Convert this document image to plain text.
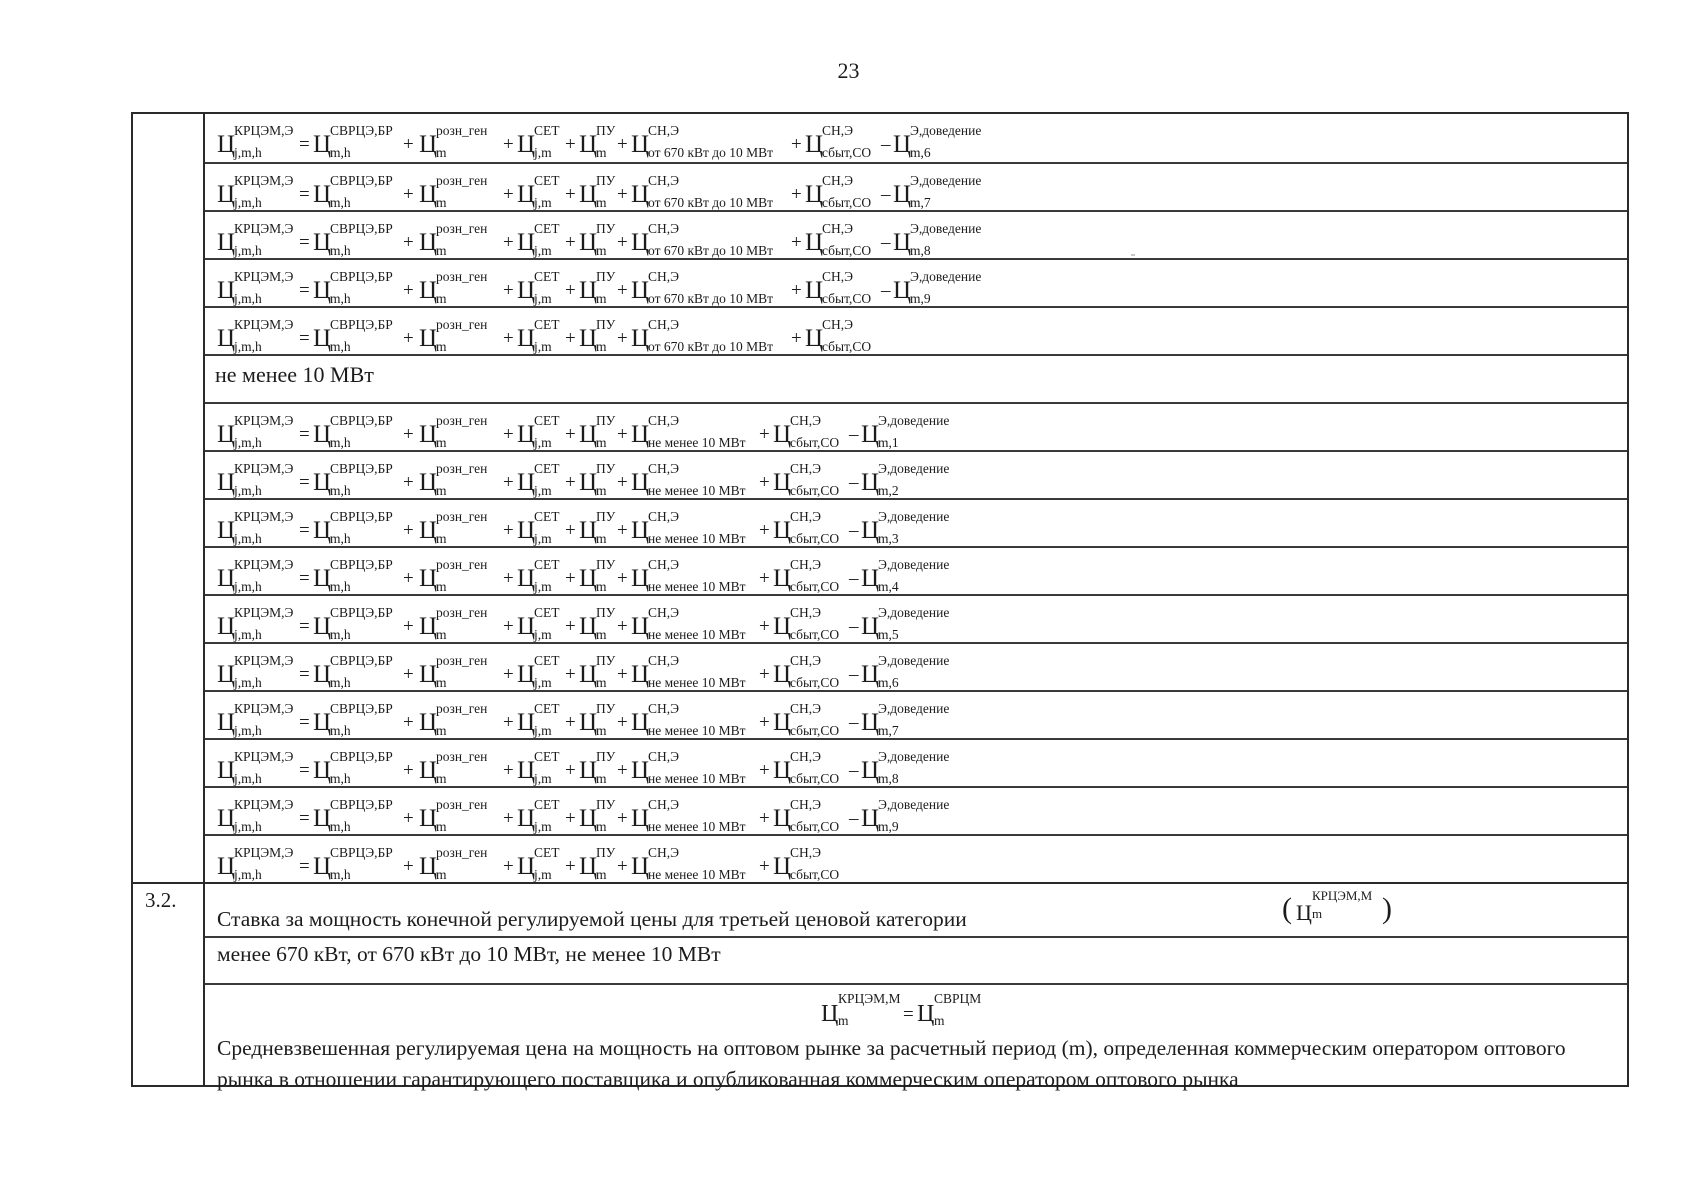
23
Ц
КРЦЭМ,Э
j,m,h = Ц
СВРЦЭ,БР
m,h	+ Ц
розн_ген
m	+ Ц
СЕТ
j,m + Ц
ПУ
m + Ц
СН,Э
от 670 кВт до 10 МВт + Ц
СН,Э
сбыт,СО – Ц
Э,доведение
m,6
Ц
КРЦЭМ,Э
j,m,h = Ц
СВРЦЭ,БР
m,h	+ Ц
розн_ген
m	+ Ц
СЕТ
j,m + Ц
ПУ
m + Ц
СН,Э
от 670 кВт до 10 МВт + Ц
СН,Э
сбыт,СО – Ц
Э,доведение
m,7
Ц
КРЦЭМ,Э
j,m,h = Ц
СВРЦЭ,БР
m,h	+ Ц
розн_ген
m	+ Ц
СЕТ
j,m + Ц
ПУ
m + Ц
СН,Э
от 670 кВт до 10 МВт + Ц
СН,Э
сбыт,СО – Ц
Э,доведение
m,8
Ц
КРЦЭМ,Э
j,m,h = Ц
СВРЦЭ,БР
m,h	+ Ц
розн_ген
m	+ Ц
СЕТ
j,m + Ц
ПУ
m + Ц
СН,Э
от 670 кВт до 10 МВт + Ц
СН,Э
сбыт,СО – Ц
Э,доведение
m,9
Ц
КРЦЭМ,Э
j,m,h = Ц
СВРЦЭ,БР
m,h	+ Ц
розн_ген
m	+ Ц
СЕТ
j,m + Ц
ПУ
m + Ц
СН,Э
от 670 кВт до 10 МВт + Ц
СН,Э
сбыт,СО
не менее 10 МВт
Ц
КРЦЭМ,Э
j,m,h = Ц
СВРЦЭ,БР
m,h	+ Ц
розн_ген
m	+ Ц
СЕТ
j,m + Ц
ПУ
m + Ц
СН,Э
не менее 10 МВт + Ц
СН,Э
сбыт,СО – Ц
Э,доведение
m,1
Ц
КРЦЭМ,Э
j,m,h = Ц
СВРЦЭ,БР
m,h	+ Ц
розн_ген
m	+ Ц
СЕТ
j,m + Ц
ПУ
m + Ц
СН,Э
не менее 10 МВт + Ц
СН,Э
сбыт,СО – Ц
Э,доведение
m,2
Ц
КРЦЭМ,Э
j,m,h = Ц
СВРЦЭ,БР
m,h	+ Ц
розн_ген
m	+ Ц
СЕТ
j,m + Ц
ПУ
m + Ц
СН,Э
не менее 10 МВт + Ц
СН,Э
сбыт,СО – Ц
Э,доведение
m,3
Ц
КРЦЭМ,Э
j,m,h = Ц
СВРЦЭ,БР
m,h	+ Ц
розн_ген
m	+ Ц
СЕТ
j,m + Ц
ПУ
m + Ц
СН,Э
не менее 10 МВт + Ц
СН,Э
сбыт,СО – Ц
Э,доведение
m,4
Ц
КРЦЭМ,Э
j,m,h = Ц
СВРЦЭ,БР
m,h	+ Ц
розн_ген
m	+ Ц
СЕТ
j,m + Ц
ПУ
m + Ц
СН,Э
не менее 10 МВт + Ц
СН,Э
сбыт,СО – Ц
Э,доведение
m,5
Ц
КРЦЭМ,Э
j,m,h = Ц
СВРЦЭ,БР
m,h	+ Ц
розн_ген
m	+ Ц
СЕТ
j,m + Ц
ПУ
m + Ц
СН,Э
не менее 10 МВт + Ц
СН,Э
сбыт,СО – Ц
Э,доведение
m,6
Ц
КРЦЭМ,Э
j,m,h = Ц
СВРЦЭ,БР
m,h	+ Ц
розн_ген
m	+ Ц
СЕТ
j,m + Ц
ПУ
m + Ц
СН,Э
не менее 10 МВт + Ц
СН,Э
сбыт,СО – Ц
Э,доведение
m,7
Ц
КРЦЭМ,Э
j,m,h = Ц
СВРЦЭ,БР
m,h	+ Ц
розн_ген
m	+ Ц
СЕТ
j,m + Ц
ПУ
m + Ц
СН,Э
не менее 10 МВт + Ц
СН,Э
сбыт,СО – Ц
Э,доведение
m,8
Ц
КРЦЭМ,Э
j,m,h = Ц
СВРЦЭ,БР
m,h	+ Ц
розн_ген
m	+ Ц
СЕТ
j,m + Ц
ПУ
m + Ц
СН,Э
не менее 10 МВт + Ц
СН,Э
сбыт,СО – Ц
Э,доведение
m,9
Ц
КРЦЭМ,Э
j,m,h = Ц
СВРЦЭ,БР
m,h	+ Ц
розн_ген
m	+ Ц
СЕТ
j,m + Ц
ПУ
m + Ц
СН,Э
не менее 10 МВт + Ц
СН,Э
сбыт,СО
3.2.
Ставка за мощность конечной регулируемой цены для третьей ценовой категории	( Ц
КРЦЭМ,М
m )
менее 670 кВт, от 670 кВт до 10 МВт, не менее 10 МВт
Ц
КРЦЭМ,М
m	= Ц
СВРЦМ
m
Средневзвешенная регулируемая цена на мощность на оптовом рынке за расчетный период (m), определенная коммерческим оператором оптового рынка в отношении гарантирующего поставщика и опубликованная коммерческим оператором оптового рынка
